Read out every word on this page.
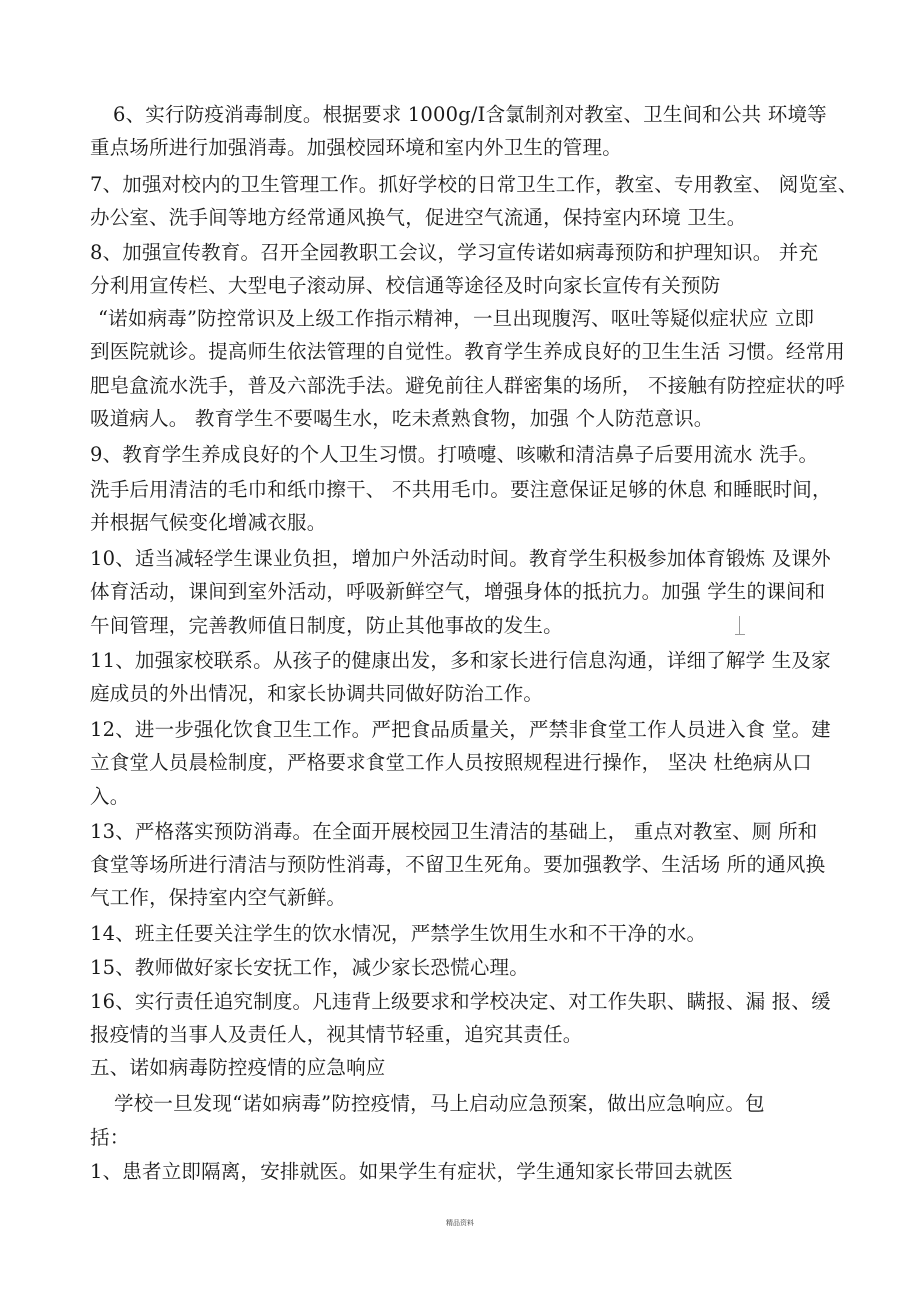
6、实行防疫消毒制度。根据要求 1000g/I含氯制剂对教室、卫生间和公共 环境等
重点场所进行加强消毒。加强校园环境和室内外卫生的管理。
7、加强对校内的卫生管理工作。抓好学校的日常卫生工作，教室、专用教室、 阅览室、
办公室、洗手间等地方经常通风换气，促进空气流通，保持室内环境 卫生。
8、加强宣传教育。召开全园教职工会议，学习宣传诺如病毒预防和护理知识。 并充
分利用宣传栏、大型电子滚动屏、校信通等途径及时向家长宣传有关预防
“诺如病毒”防控常识及上级工作指示精神，一旦出现腹泻、呕吐等疑似症状应 立即
到医院就诊。提高师生依法管理的自觉性。教育学生养成良好的卫生生活 习惯。经常用
肥皂盒流水洗手，普及六部洗手法。避免前往人群密集的场所， 不接触有防控症状的呼
吸道病人。 教育学生不要喝生水，吃未煮熟食物，加强 个人防范意识。
9、教育学生养成良好的个人卫生习惯。打喷嚏、咳嗽和清洁鼻子后要用流水 洗手。
洗手后用清洁的毛巾和纸巾擦干、 不共用毛巾。要注意保证足够的休息 和睡眠时间，
并根据气候变化增减衣服。
10、适当减轻学生课业负担，增加户外活动时间。教育学生积极参加体育锻炼 及课外
体育活动，课间到室外活动，呼吸新鲜空气，增强身体的抵抗力。加强 学生的课间和
午间管理，完善教师值日制度，防止其他事故的发生。
11、加强家校联系。从孩子的健康出发，多和家长进行信息沟通，详细了解学 生及家
庭成员的外出情况，和家长协调共同做好防治工作。
12、进一步强化饮食卫生工作。严把食品质量关，严禁非食堂工作人员进入食 堂。建
立食堂人员晨检制度，严格要求食堂工作人员按照规程进行操作， 坚决 杜绝病从口
入。
13、严格落实预防消毒。在全面开展校园卫生清洁的基础上， 重点对教室、厕 所和
食堂等场所进行清洁与预防性消毒，不留卫生死角。要加强教学、生活场 所的通风换
气工作，保持室内空气新鲜。
14、班主任要关注学生的饮水情况，严禁学生饮用生水和不干净的水。
15、教师做好家长安抚工作，减少家长恐慌心理。
16、实行责任追究制度。凡违背上级要求和学校决定、对工作失职、瞒报、漏 报、缓
报疫情的当事人及责任人，视其情节轻重，追究其责任。
五、诺如病毒防控疫情的应急响应
学校一旦发现“诺如病毒”防控疫情，马上启动应急预案，做出应急响应。包
括：
1、患者立即隔离，安排就医。如果学生有症状，学生通知家长带回去就医
精品资料
